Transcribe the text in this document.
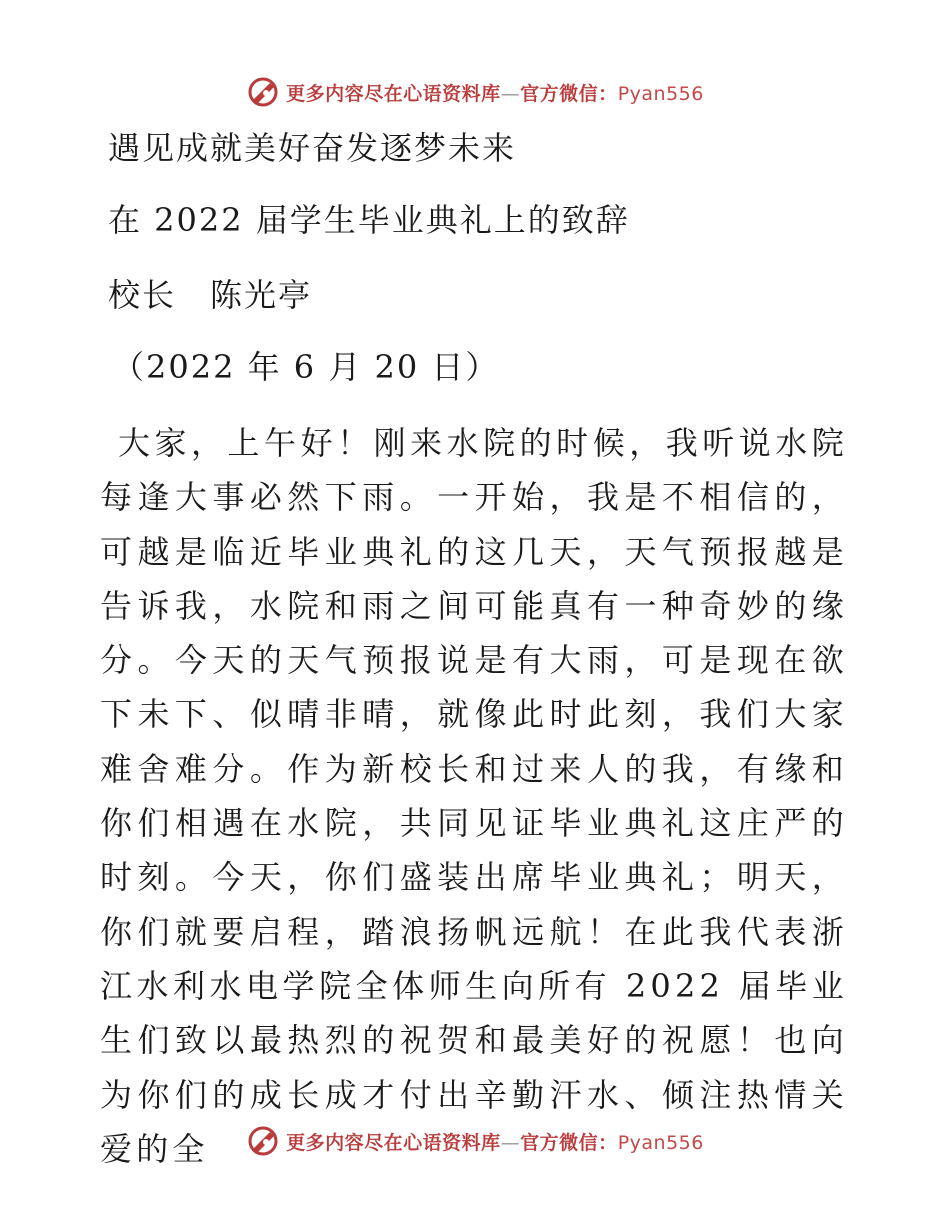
更多内容尽在心语资料库—官方微信：Pyan556
遇见成就美好奋发逐梦未来
在 2022 届学生毕业典礼上的致辞
校长　陈光亭
（2022 年 6 月 20 日）

大家，上午好！刚来水院的时候，我听说水院每逢大事必然下雨。一开始，我是不相信的，可越是临近毕业典礼的这几天，天气预报越是告诉我，水院和雨之间可能真有一种奇妙的缘分。今天的天气预报说是有大雨，可是现在欲下未下、似晴非晴，就像此时此刻，我们大家难舍难分。作为新校长和过来人的我，有缘和你们相遇在水院，共同见证毕业典礼这庄严的时刻。今天，你们盛装出席毕业典礼；明天，你们就要启程，踏浪扬帆远航！在此我代表浙江水利水电学院全体师生向所有 2022 届毕业生们致以最热烈的祝贺和最美好的祝愿！也向为你们的成长成才付出辛勤汗水、倾注热情关爱的全	更多内容尽在心语资料库—官方微信：Pyan556
